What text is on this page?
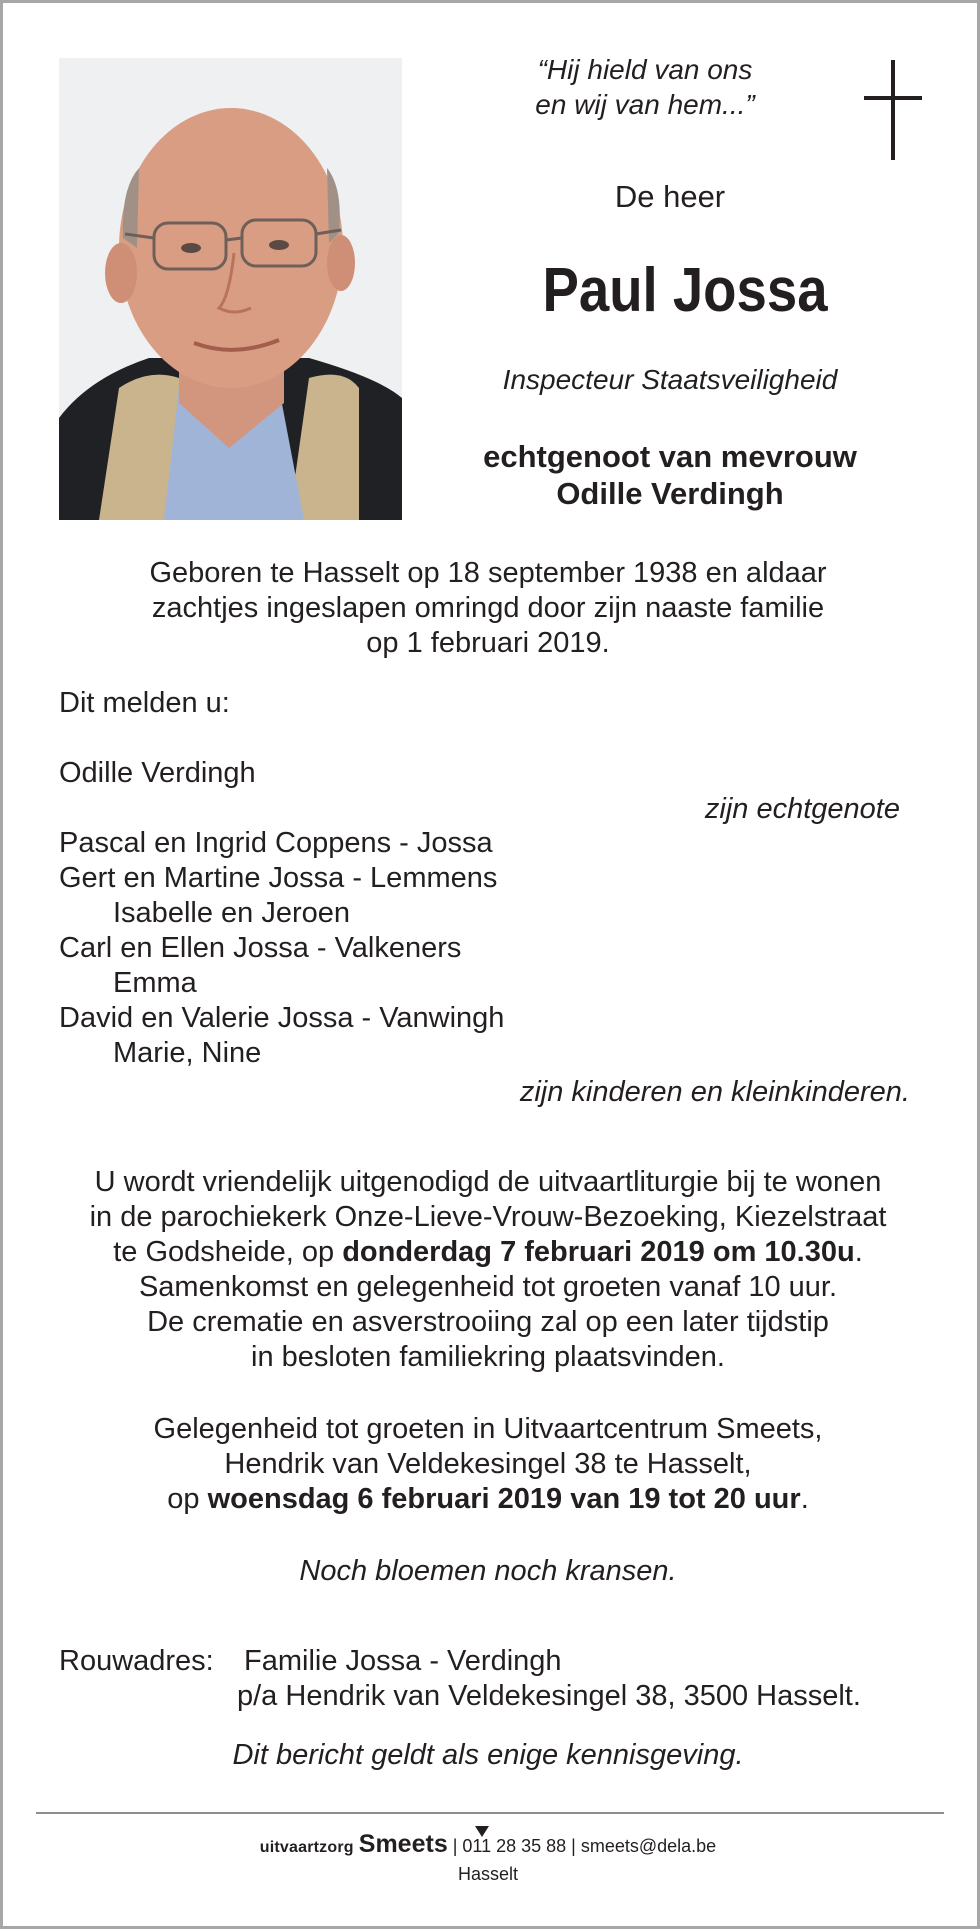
“Hij hield van ons
en wij van hem...”
De heer
Paul Jossa
Inspecteur Staatsveiligheid
echtgenoot van mevrouw
Odille Verdingh
Geboren te Hasselt op 18 september 1938 en aldaar
zachtjes ingeslapen omringd door zijn naaste familie
op 1 februari 2019.
Dit melden u:
Odille Verdingh
Pascal en Ingrid Coppens - Jossa
Gert en Martine Jossa - Lemmens
Isabelle en Jeroen
Carl en Ellen Jossa - Valkeners
Emma
David en Valerie Jossa - Vanwingh
Marie, Nine
zijn echtgenote
zijn kinderen en kleinkinderen.
U wordt vriendelijk uitgenodigd de uitvaartliturgie bij te wonen
in de parochiekerk Onze-Lieve-Vrouw-Bezoeking, Kiezelstraat
te Godsheide, op donderdag 7 februari 2019 om 10.30u.
Samenkomst en gelegenheid tot groeten vanaf 10 uur.
De crematie en asverstrooiing zal op een later tijdstip
in besloten familiekring plaatsvinden.
Gelegenheid tot groeten in Uitvaartcentrum Smeets,
Hendrik van Veldekesingel 38 te Hasselt,
op woensdag 6 februari 2019 van 19 tot 20 uur.
Noch bloemen noch kransen.
Rouwadres: Familie Jossa - Verdingh
p/a Hendrik van Veldekesingel 38, 3500 Hasselt.
Dit bericht geldt als enige kennisgeving.
uitvaartzorg Smeets | 011 28 35 88 | smeets@dela.be
Hasselt
